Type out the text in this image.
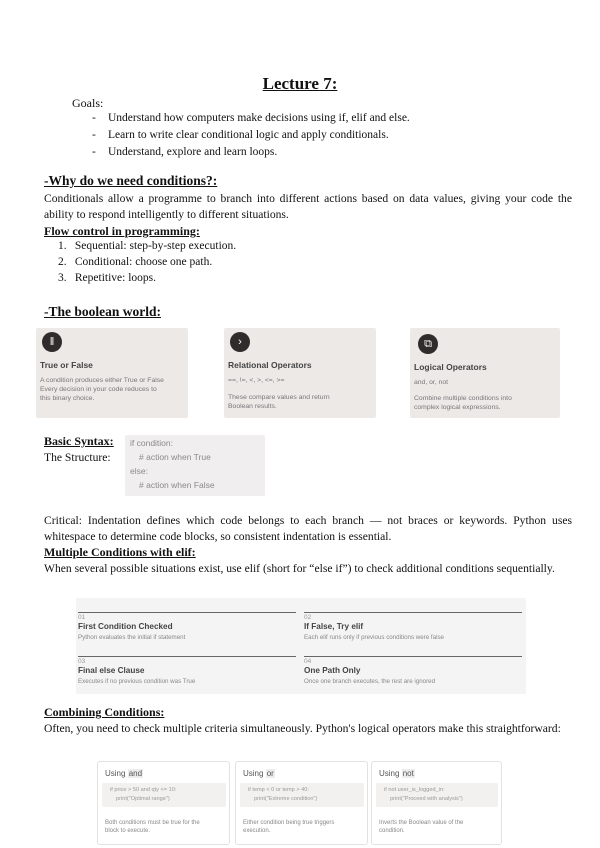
Lecture 7:
Goals:
- Understand how computers make decisions using if, elif and else.
- Learn to write clear conditional logic and apply conditionals.
- Understand, explore and learn loops.
-Why do we need conditions?:
Conditionals allow a programme to branch into different actions based on data values, giving your code the ability to respond intelligently to different situations.
Flow control in programming:
1. Sequential: step-by-step execution.
2. Conditional: choose one path.
3. Repetitive: loops.
-The boolean world:
ǁ
True or False
A condition produces either True or False
Every decision in your code reduces to
this binary choice.
›
Relational Operators
==, !=, <, >, <=, >=
These compare values and return
Boolean results.
⧉
Logical Operators
and, or, not
Combine multiple conditions into
complex logical expressions.
Basic Syntax:
The Structure:
if condition:
# action when True
else:
# action when False
Critical: Indentation defines which code belongs to each branch — not braces or keywords. Python uses whitespace to determine code blocks, so consistent indentation is essential.
Multiple Conditions with elif:
When several possible situations exist, use elif (short for “else if”) to check additional conditions sequentially.
01
First Condition Checked
Python evaluates the initial if statement
02
If False, Try elif
Each elif runs only if previous conditions were false
03
Final else Clause
Executes if no previous condition was True
04
One Path Only
Once one branch executes, the rest are ignored
Combining Conditions:
Often, you need to check multiple criteria simultaneously. Python's logical operators make this straightforward:
Using and
if price > 50 and qty <= 10:
print("Optimal range")
Both conditions must be true for the
block to execute.
Using or
if temp < 0 or temp > 40:
print("Extreme condition")
Either condition being true triggers
execution.
Using not
if not user_is_logged_in:
print("Proceed with analysis")
Inverts the Boolean value of the
condition.
